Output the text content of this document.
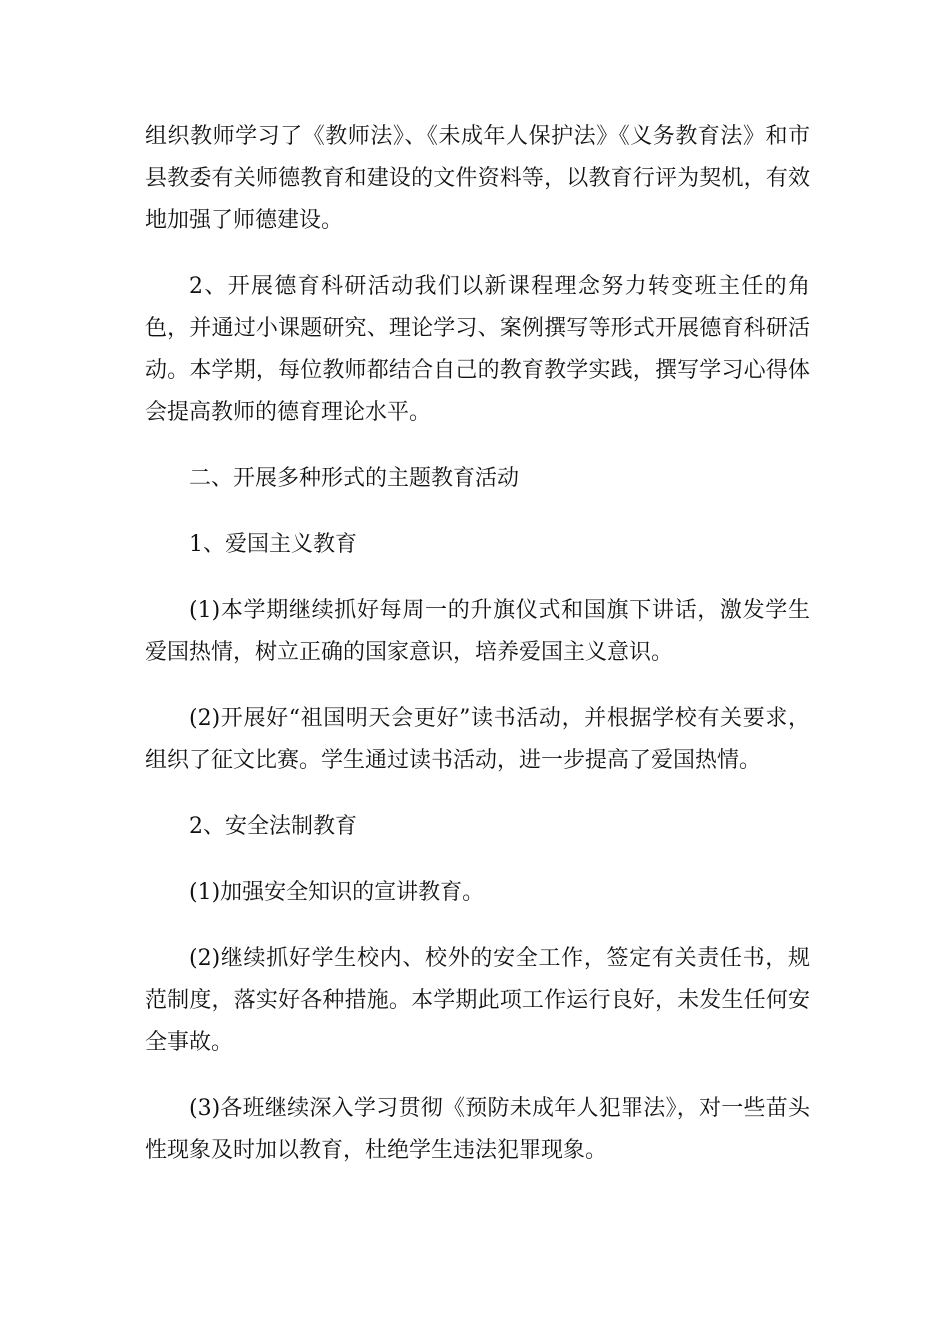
组织教师学习了《教师法》、《未成年人保护法》《义务教育法》和市县教委有关师德教育和建设的文件资料等，以教育行评为契机，有效地加强了师德建设。

2、开展德育科研活动我们以新课程理念努力转变班主任的角色，并通过小课题研究、理论学习、案例撰写等形式开展德育科研活动。本学期，每位教师都结合自己的教育教学实践，撰写学习心得体会提高教师的德育理论水平。

二、开展多种形式的主题教育活动

1、爱国主义教育

(1)本学期继续抓好每周一的升旗仪式和国旗下讲话，激发学生爱国热情，树立正确的国家意识，培养爱国主义意识。

(2)开展好“祖国明天会更好”读书活动，并根据学校有关要求，组织了征文比赛。学生通过读书活动，进一步提高了爱国热情。

2、安全法制教育

(1)加强安全知识的宣讲教育。

(2)继续抓好学生校内、校外的安全工作，签定有关责任书，规范制度，落实好各种措施。本学期此项工作运行良好，未发生任何安全事故。

(3)各班继续深入学习贯彻《预防未成年人犯罪法》，对一些苗头性现象及时加以教育，杜绝学生违法犯罪现象。
